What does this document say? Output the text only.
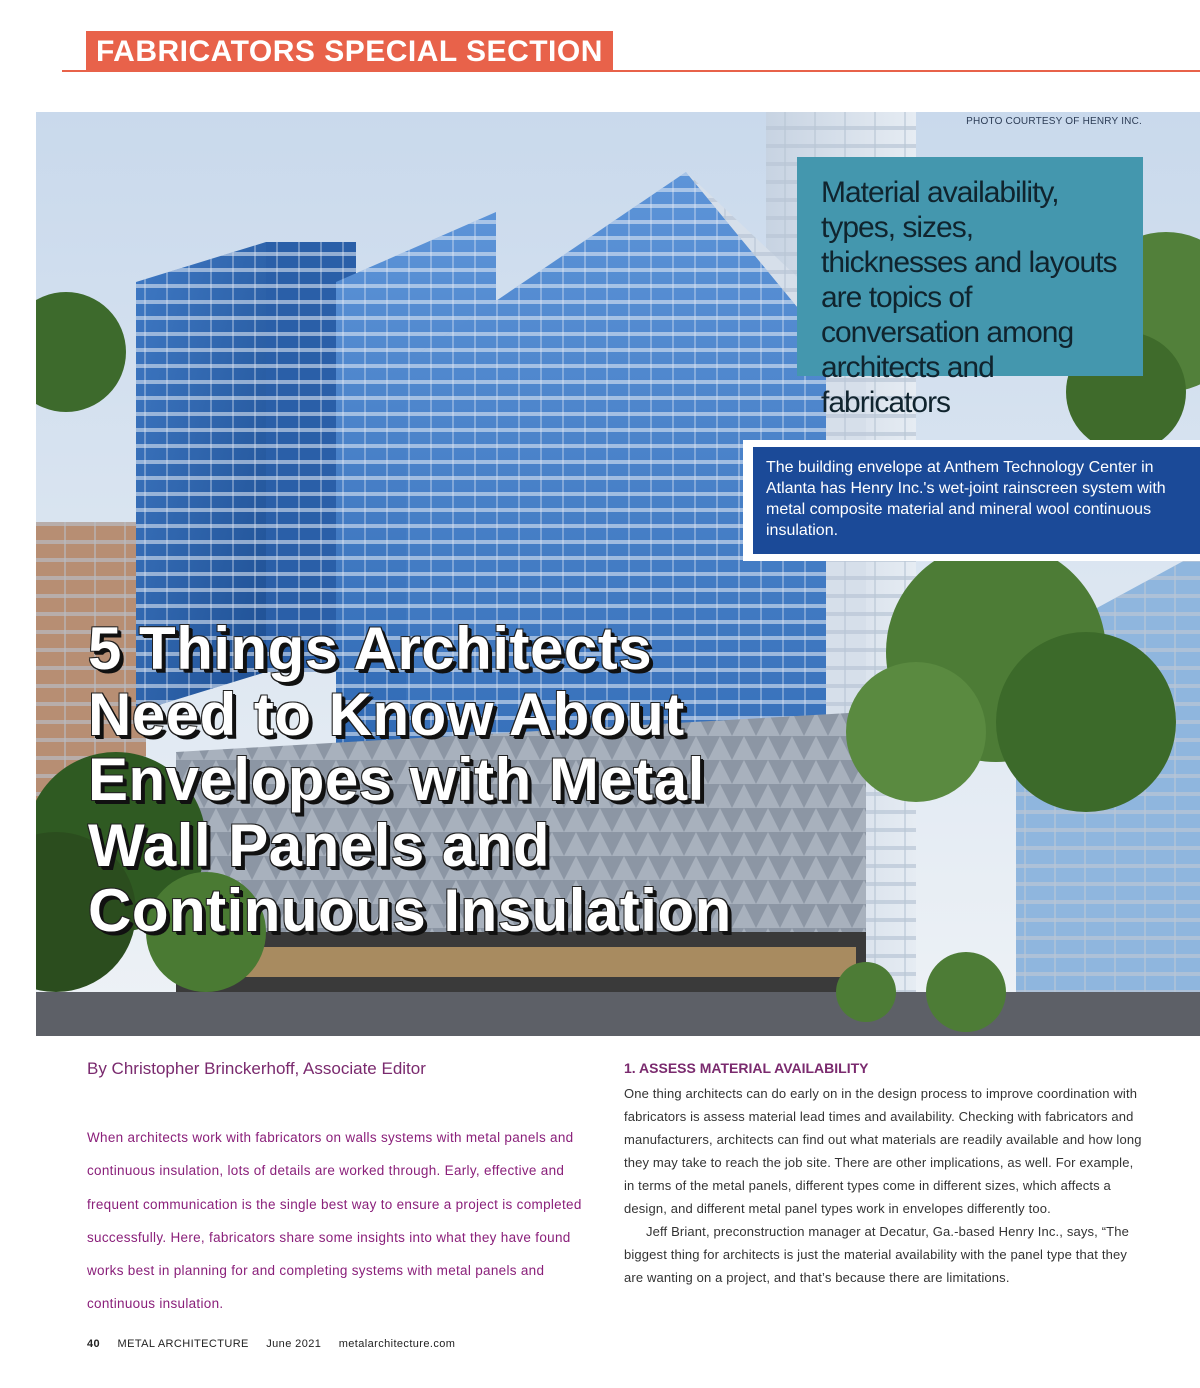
FABRICATORS SPECIAL SECTION
PHOTO COURTESY OF HENRY INC.

Material availability, types, sizes, thicknesses and layouts are topics of conversation among architects and fabricators

The building envelope at Anthem Technology Center in Atlanta has Henry Inc.'s wet-joint rainscreen system with metal composite material and mineral wool continuous insulation.
5 Things Architects Need to Know About Envelopes with Metal Wall Panels and Continuous Insulation
By Christopher Brinckerhoff, Associate Editor

When architects work with fabricators on walls systems with metal panels and continuous insulation, lots of details are worked through. Early, effective and frequent communication is the single best way to ensure a project is completed successfully. Here, fabricators share some insights into what they have found works best in planning for and completing systems with metal panels and continuous insulation.

1. ASSESS MATERIAL AVAILABILITY

One thing architects can do early on in the design process to improve coordination with fabricators is assess material lead times and availability. Checking with fabricators and manufacturers, architects can find out what materials are readily available and how long they may take to reach the job site. There are other implications, as well. For example, in terms of the metal panels, different types come in different sizes, which affects a design, and different metal panel types work in envelopes differently too.

Jeff Briant, preconstruction manager at Decatur, Ga.-based Henry Inc., says, “The biggest thing for architects is just the material availability with the panel type that they are wanting on a project, and that’s because there are limitations.

40 METAL ARCHITECTURE June 2021 metalarchitecture.com
